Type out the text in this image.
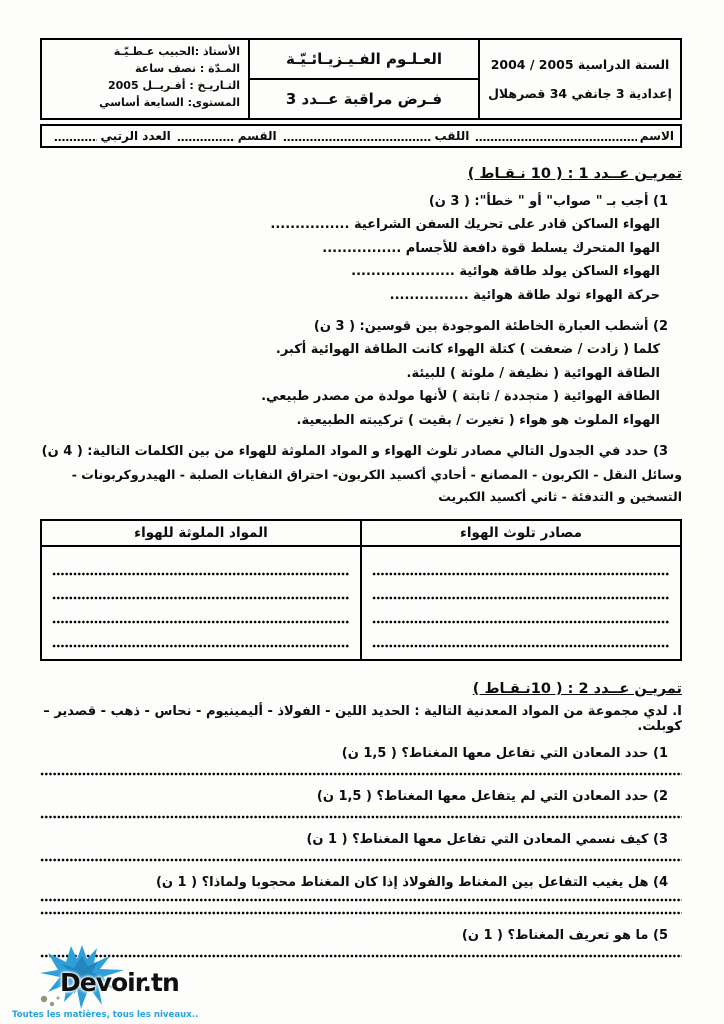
السنة الدراسية 2005 / 2004
إعدادية 3 جانفي 34 قصرهلال
العـلـوم الفـيـزيـائـيّـة
فـرض مراقبة عــدد 3
الأستاذ :الحبيب عـطـيّـة
المـدّة : نصف ساعة
التـاريـخ : أفـريــل 2005
المستوى: السابعة أساسي
الاسم
اللقب
القسم
العدد الرتبي
تمريـن عــدد 1 : ( 10 نـقـاط )
1) أجب بـ " صواب" أو " خطأ": ( 3 ن)
الهواء الساكن قادر على تحريك السفن الشراعية ................
الهوا المتحرك يسلط قوة دافعة للأجسام ................
الهواء الساكن يولد طاقة هوائية .....................
حركة الهواء تولد طاقة هوائية ................
2) أشطب العبارة الخاطئة الموجودة بين قوسين: ( 3 ن)
كلما ( زادت / ضعفت ) كتلة الهواء كانت الطاقة الهوائية أكبر.
الطاقة الهوائية ( نظيفة / ملوثة ) للبيئة.
الطاقة الهوائية ( متجددة / ثابتة ) لأنها مولدة من مصدر طبيعي.
الهواء الملوث هو هواء ( تغيرت / بقيت ) تركيبته الطبيعية.
3) حدد في الجدول التالي مصادر تلوث الهواء و المواد الملوثة للهواء من بين الكلمات التالية: ( 4 ن)
وسائل النقل - الكربون - المصانع - أحادي أكسيد الكربون- احتراق النفايات الصلبة - الهيدروكربونات - التسخين و التدفئة - ثاني أكسيد الكبريت
مصادر تلوث الهواء
المواد الملوثة للهواء
تمريـن عــدد 2 : ( 10نـقـاط )
I. لدي مجموعة من المواد المعدنية التالية : الحديد اللين - الفولاذ - أليمينيوم - نحاس - ذهب - قصدير – كوبلت.
1) حدد المعادن التي تفاعل معها المغناط؟ ( 1,5 ن)
2) حدد المعادن التي لم يتفاعل معها المغناط؟ ( 1,5 ن)
3) كيف نسمي المعادن التي تفاعل معها المغناط؟ ( 1 ن)
4) هل يغيب التفاعل بين المغناط والفولاذ إذا كان المغناط محجوبا ولماذا؟ ( 1 ن)
5) ما هو تعريف المغناط؟ ( 1 ن)
Devoir.tn
Toutes les matières, tous les niveaux..
